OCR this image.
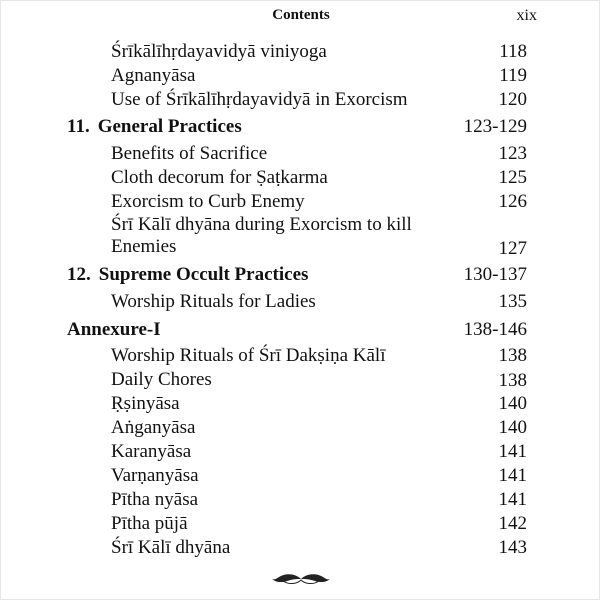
Contents	xix
Śrīkālīhṛdayavidyā viniyoga	118
Agnanyāsa	119
Use of Śrīkālīhṛdayavidyā in Exorcism	120
11. General Practices	123-129
Benefits of Sacrifice	123
Cloth decorum for Ṣaṭkarma	125
Exorcism to Curb Enemy	126
Śrī Kālī dhyāna during Exorcism to kill
Enemies	127
12. Supreme Occult Practices	130-137
Worship Rituals for Ladies	135
Annexure-I	138-146
Worship Rituals of Śrī Dakṣiṇa Kālī	138
Daily Chores	138
Ṛṣinyāsa	140
Aṅganyāsa	140
Karanyāsa	141
Varṇanyāsa	141
Pītha nyāsa	141
Pītha pūjā	142
Śrī Kālī dhyāna	143
